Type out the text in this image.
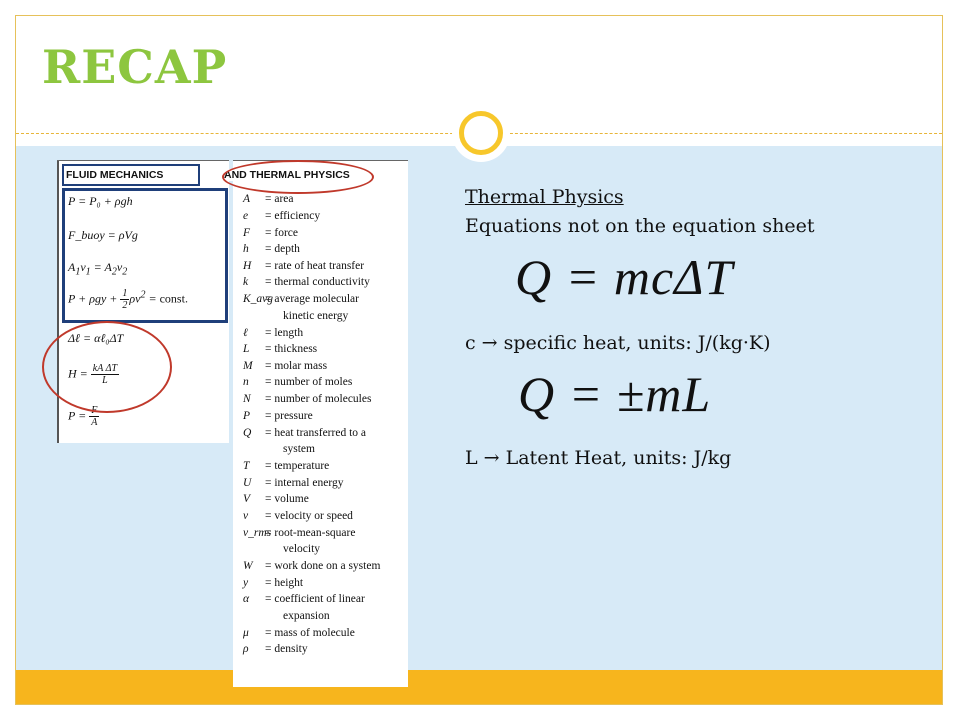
RECAP
FLUID MECHANICS	AND THERMAL PHYSICS
P = P₀ + ρgh
F_buoy = ρVg
$A_1v_1 = A_2v_2$
$P + \rho gy + \frac{1}{2} \rho v^2$ = const.
Δℓ = αℓ₀ΔT
$H = \frac{\text{kA ΔT}}{L}$
$P = \frac{F}{A}$
A = area
e = efficiency
F = force
h = depth
H = rate of heat transfer
k = thermal conductivity
K_avg= average molecular
kinetic energy
ℓ = length
L = thickness
M = molar mass
n = number of moles
N = number of molecules
P = pressure
Q = heat transferred to a
system
T = temperature
U = internal energy
V = volume
v = velocity or speed
v_rms= root-mean-square
velocity
W = work done on a system
y = height
α = coefficient of linear
expansion
μ = mass of molecule
ρ = density
Thermal Physics
Equations not on the equation sheet
Q = mcΔT
c → specific heat, units: J/(kg·K)
Q = ±mL
L → Latent Heat, units: J/kg
